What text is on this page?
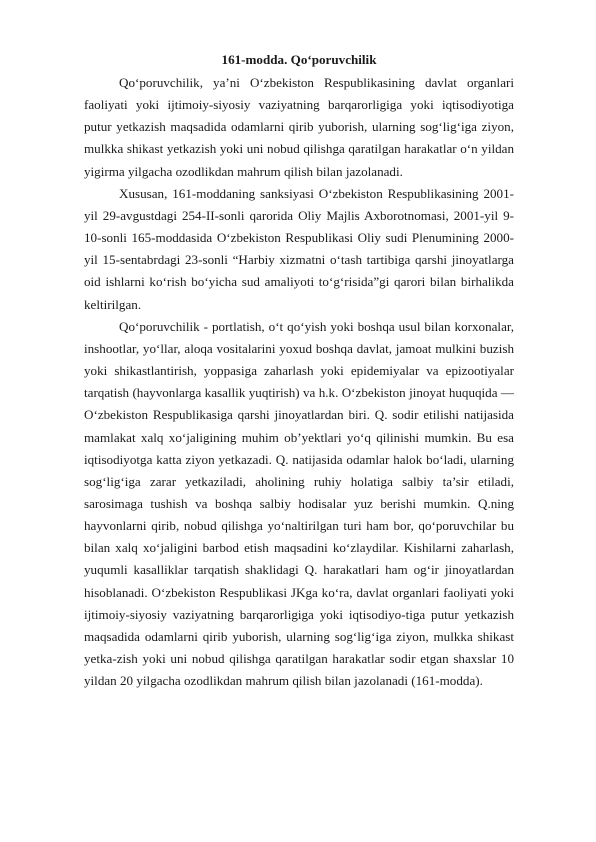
161-modda. Qo‘poruvchilik

Qo‘poruvchilik, ya’ni O‘zbekiston Respublikasining davlat organlari faoliyati yoki ijtimoiy-siyosiy vaziyatning barqarorligiga yoki iqtisodiyotiga putur yetkazish maqsadida odamlarni qirib yuborish, ularning sog‘lig‘iga ziyon, mulkka shikast yetkazish yoki uni nobud qilishga qaratilgan harakatlar o‘n yildan yigirma yilgacha ozodlikdan mahrum qilish bilan jazolanadi.

Xususan, 161-moddaning sanksiyasi O‘zbekiston Respublikasining 2001-yil 29-avgustdagi 254-II-sonli qarorida Oliy Majlis Axborotnomasi, 2001-yil 9-10-sonli 165-moddasida O‘zbekiston Respublikasi Oliy sudi Plenumining 2000-yil 15-sentabrdagi 23-sonli “Harbiy xizmatni o‘tash tartibiga qarshi jinoyatlarga oid ishlarni ko‘rish bo‘yicha sud amaliyoti to‘g‘risida”gi qarori bilan birhalikda keltirilgan.

Qo‘poruvchilik - portlatish, o‘t qo‘yish yoki boshqa usul bilan korxonalar, inshootlar, yo‘llar, aloqa vositalarini yoxud boshqa davlat, jamoat mulkini buzish yoki shikastlantirish, yoppasiga zaharlash yoki epidemiyalar va epizootiyalar tarqatish (hayvonlarga kasallik yuqtirish) va h.k. O‘zbekiston jinoyat huquqida — O‘zbekiston Respublikasiga qarshi jinoyatlardan biri. Q. sodir etilishi natijasida mamlakat xalq xo‘jaligining muhim ob’yektlari yo‘q qilinishi mumkin. Bu esa iqtisodiyotga katta ziyon yetkazadi. Q. natijasida odamlar halok bo‘ladi, ularning sog‘lig‘iga zarar yetkaziladi, aholining ruhiy holatiga salbiy ta’sir etiladi, sarosimaga tushish va boshqa salbiy hodisalar yuz berishi mumkin. Q.ning hayvonlarni qirib, nobud qilishga yo‘naltirilgan turi ham bor, qo‘poruvchilar bu bilan xalq xo‘jaligini barbod etish maqsadini ko‘zlaydilar. Kishilarni zaharlash, yuqumli kasalliklar tarqatish shaklidagi Q. harakatlari ham og‘ir jinoyatlardan hisoblanadi. O‘zbekiston Respublikasi JKga ko‘ra, davlat organlari faoliyati yoki ijtimoiy-siyosiy vaziyatning barqarorligiga yoki iqtisodiyo-tiga putur yetkazish maqsadida odamlarni qirib yuborish, ularning sog‘lig‘iga ziyon, mulkka shikast yetka-zish yoki uni nobud qilishga qaratilgan harakatlar sodir etgan shaxslar 10 yildan 20 yilgacha ozodlikdan mahrum qilish bilan jazolanadi (161-modda).
